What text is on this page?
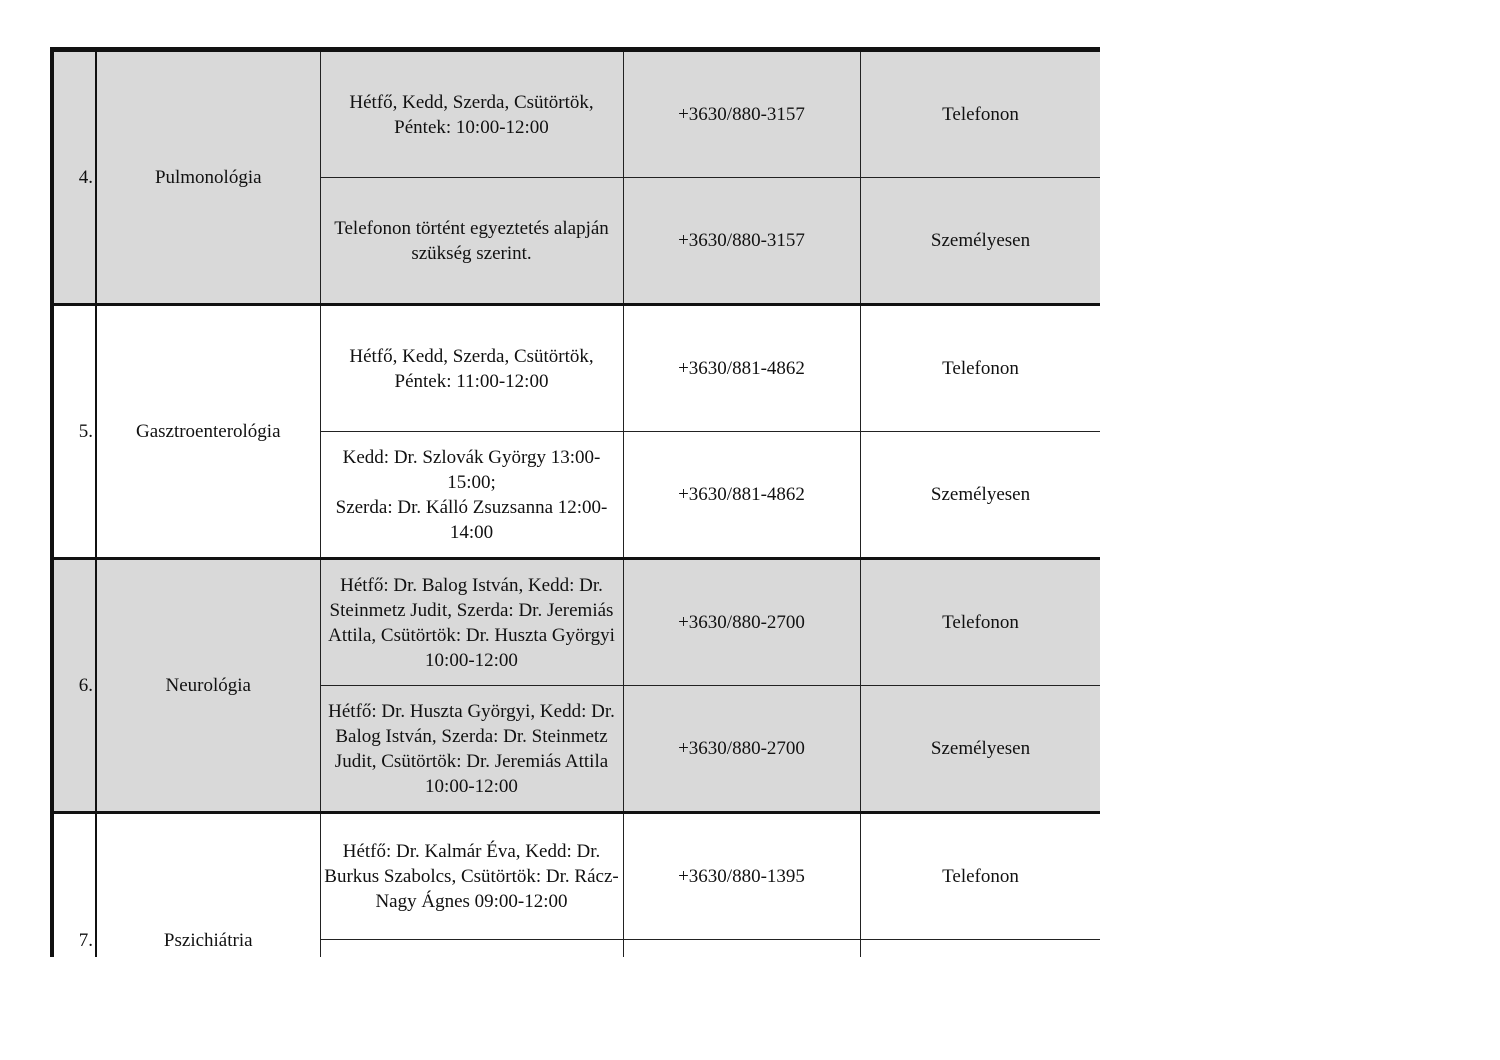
4.	Pulmonológia	Hétfő, Kedd, Szerda, Csütörtök, Péntek: 10:00-12:00	+3630/880-3157	Telefonon
		Telefonon történt egyeztetés alapján szükség szerint.	+3630/880-3157	Személyesen
5.	Gasztroenterológia	Hétfő, Kedd, Szerda, Csütörtök, Péntek: 11:00-12:00	+3630/881-4862	Telefonon
		Kedd: Dr. Szlovák György 13:00-15:00;
Szerda: Dr. Kálló Zsuzsanna 12:00-14:00	+3630/881-4862	Személyesen
6.	Neurológia	Hétfő: Dr. Balog István, Kedd: Dr. Steinmetz Judit, Szerda: Dr. Jeremiás Attila, Csütörtök: Dr. Huszta Györgyi 10:00-12:00	+3630/880-2700	Telefonon
		Hétfő: Dr. Huszta Györgyi, Kedd: Dr. Balog István, Szerda: Dr. Steinmetz Judit, Csütörtök: Dr. Jeremiás Attila 10:00-12:00	+3630/880-2700	Személyesen
7.	Pszichiátria	Hétfő: Dr. Kalmár Éva, Kedd: Dr. Burkus Szabolcs, Csütörtök: Dr. Rácz-Nagy Ágnes 09:00-12:00	+3630/880-1395	Telefonon
